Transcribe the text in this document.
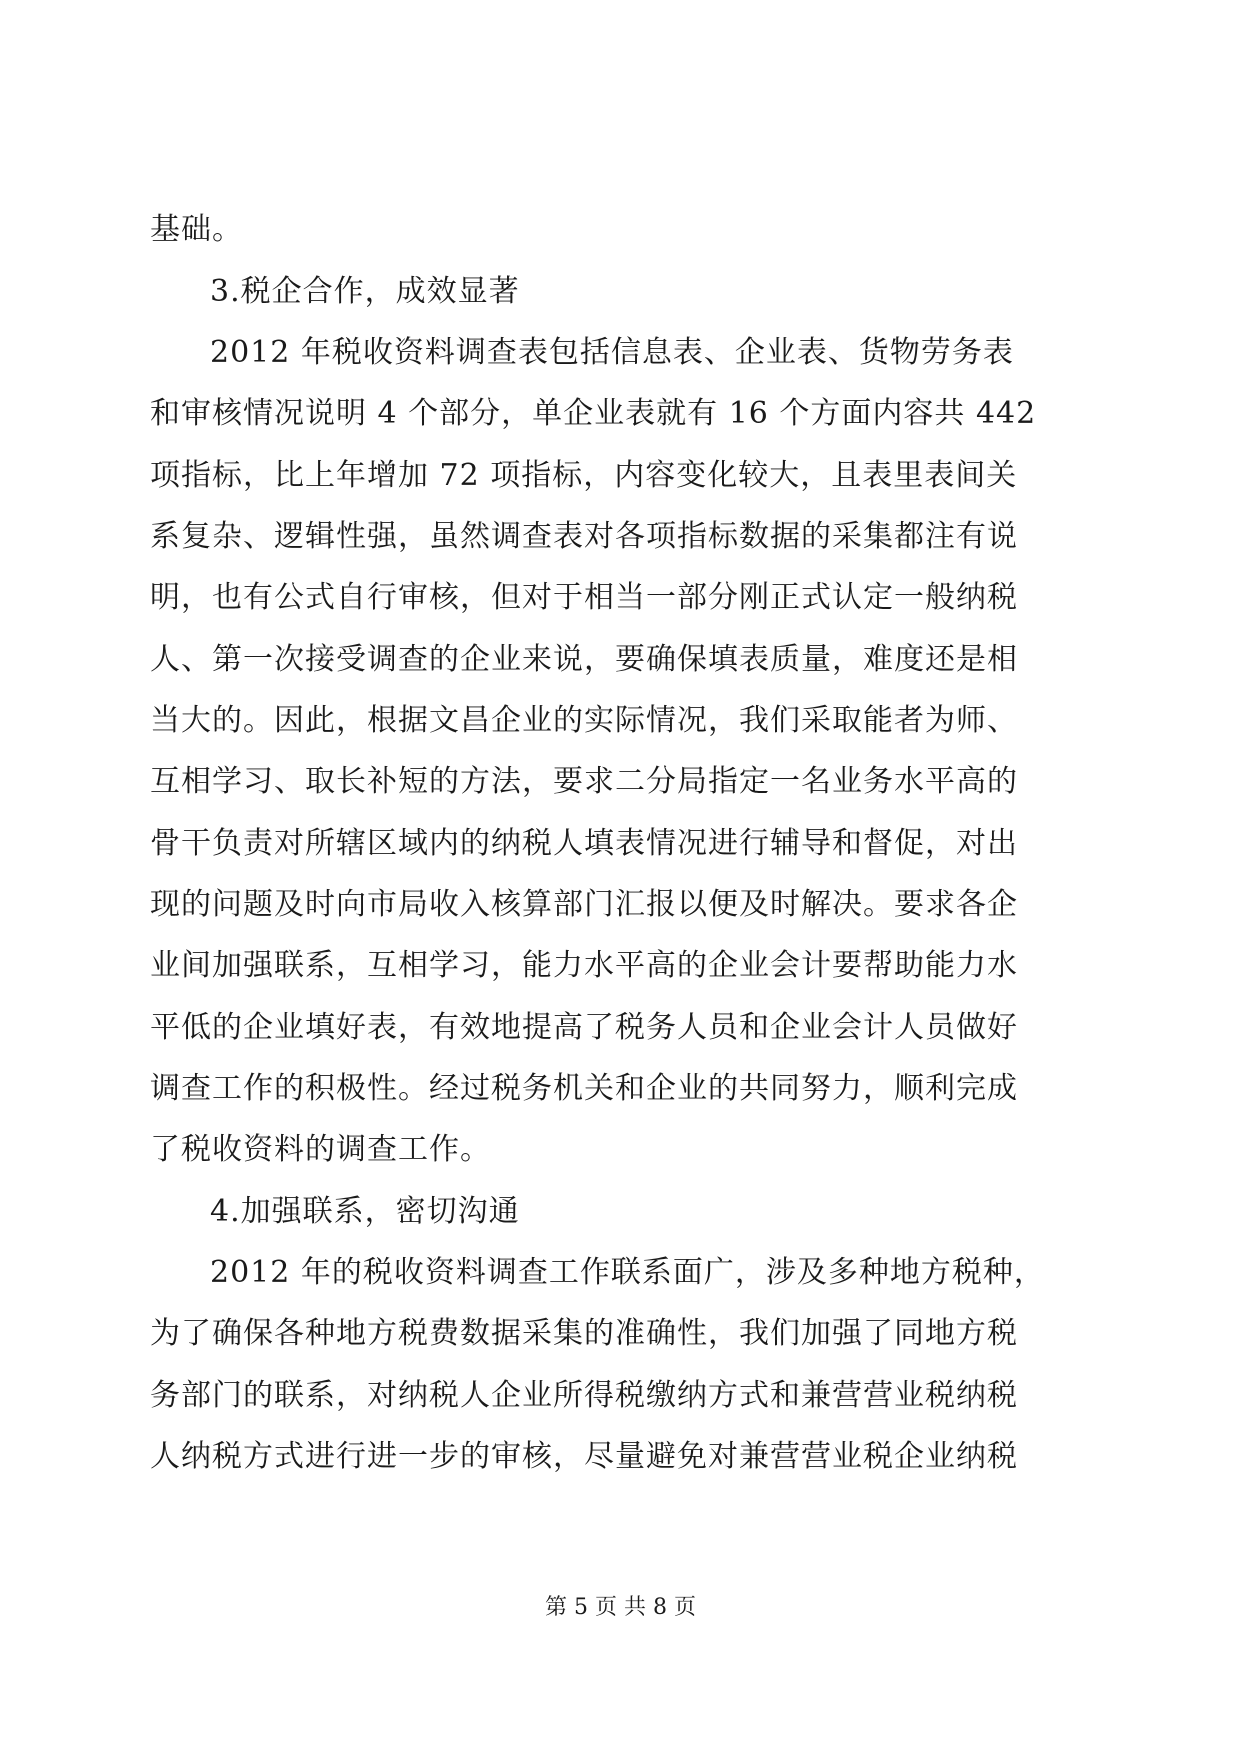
基础。
3.税企合作，成效显著
2012 年税收资料调查表包括信息表、企业表、货物劳务表
和审核情况说明 4 个部分，单企业表就有 16 个方面内容共 442
项指标，比上年增加 72 项指标，内容变化较大，且表里表间关
系复杂、逻辑性强，虽然调查表对各项指标数据的采集都注有说
明，也有公式自行审核，但对于相当一部分刚正式认定一般纳税
人、第一次接受调查的企业来说，要确保填表质量，难度还是相
当大的。因此，根据文昌企业的实际情况，我们采取能者为师、
互相学习、取长补短的方法，要求二分局指定一名业务水平高的
骨干负责对所辖区域内的纳税人填表情况进行辅导和督促，对出
现的问题及时向市局收入核算部门汇报以便及时解决。要求各企
业间加强联系，互相学习，能力水平高的企业会计要帮助能力水
平低的企业填好表，有效地提高了税务人员和企业会计人员做好
调查工作的积极性。经过税务机关和企业的共同努力，顺利完成
了税收资料的调查工作。
4.加强联系，密切沟通
2012 年的税收资料调查工作联系面广，涉及多种地方税种，
为了确保各种地方税费数据采集的准确性，我们加强了同地方税
务部门的联系，对纳税人企业所得税缴纳方式和兼营营业税纳税
人纳税方式进行进一步的审核，尽量避免对兼营营业税企业纳税
第 5 页 共 8 页
